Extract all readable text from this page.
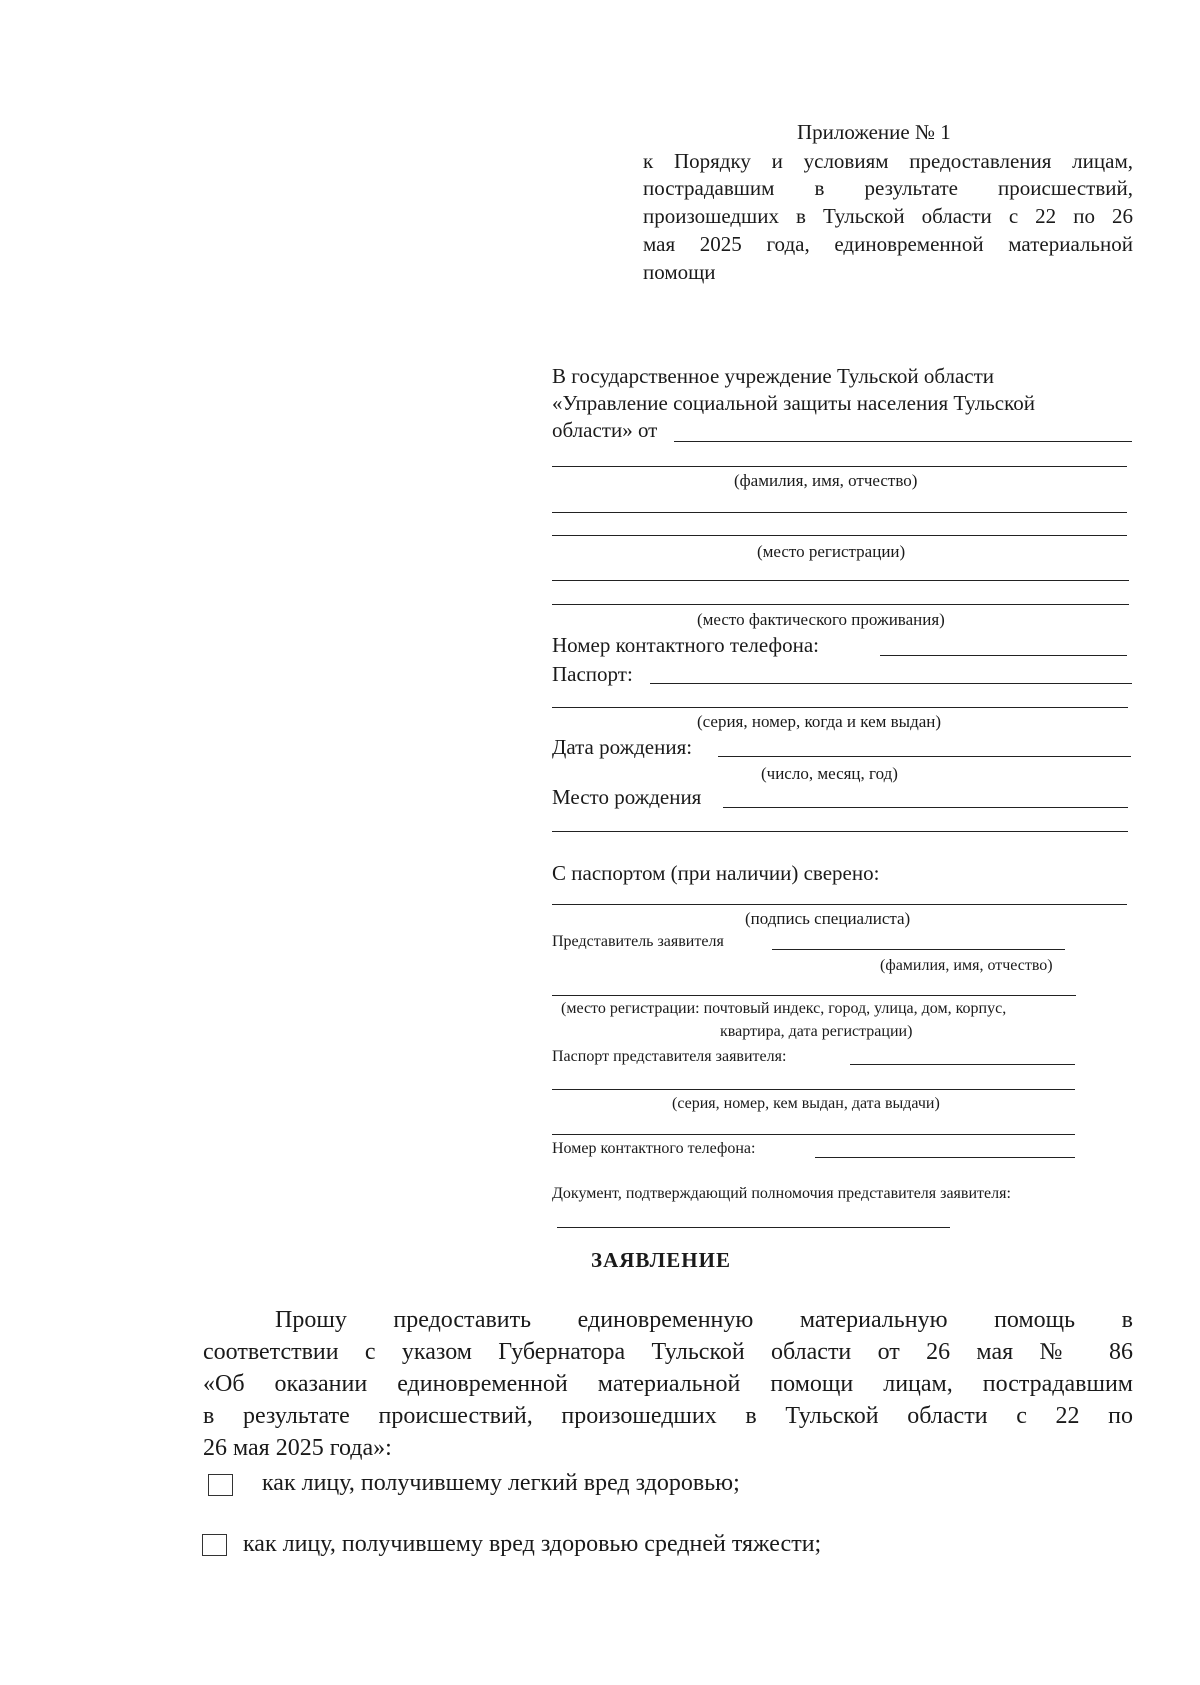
Приложение № 1
к Порядку и условиям предоставления лицам,
пострадавшим в результате происшествий,
произошедших в Тульской области с 22 по 26
мая 2025 года, единовременной материальной
помощи
В государственное учреждение Тульской области
«Управление социальной защиты населения Тульской
области» от
(фамилия, имя, отчество)
(место регистрации)
(место фактического проживания)
Номер контактного телефона:
Паспорт:
(серия, номер, когда и кем выдан)
Дата рождения:
(число, месяц, год)
Место рождения
С паспортом (при наличии) сверено:
(подпись специалиста)
Представитель заявителя
(фамилия, имя, отчество)
(место регистрации: почтовый индекс, город, улица, дом, корпус,
квартира, дата регистрации)
Паспорт представителя заявителя:
(серия, номер, кем выдан, дата выдачи)
Номер контактного телефона:
Документ, подтверждающий полномочия представителя заявителя:
ЗАЯВЛЕНИЕ
Прошу предоставить единовременную материальную помощь в
соответствии с указом Губернатора Тульской области от 26 мая № 86
«Об оказании единовременной материальной помощи лицам, пострадавшим
в результате происшествий, произошедших в Тульской области с 22 по
26 мая 2025 года»:
как лицу, получившему легкий вред здоровью;
как лицу, получившему вред здоровью средней тяжести;
